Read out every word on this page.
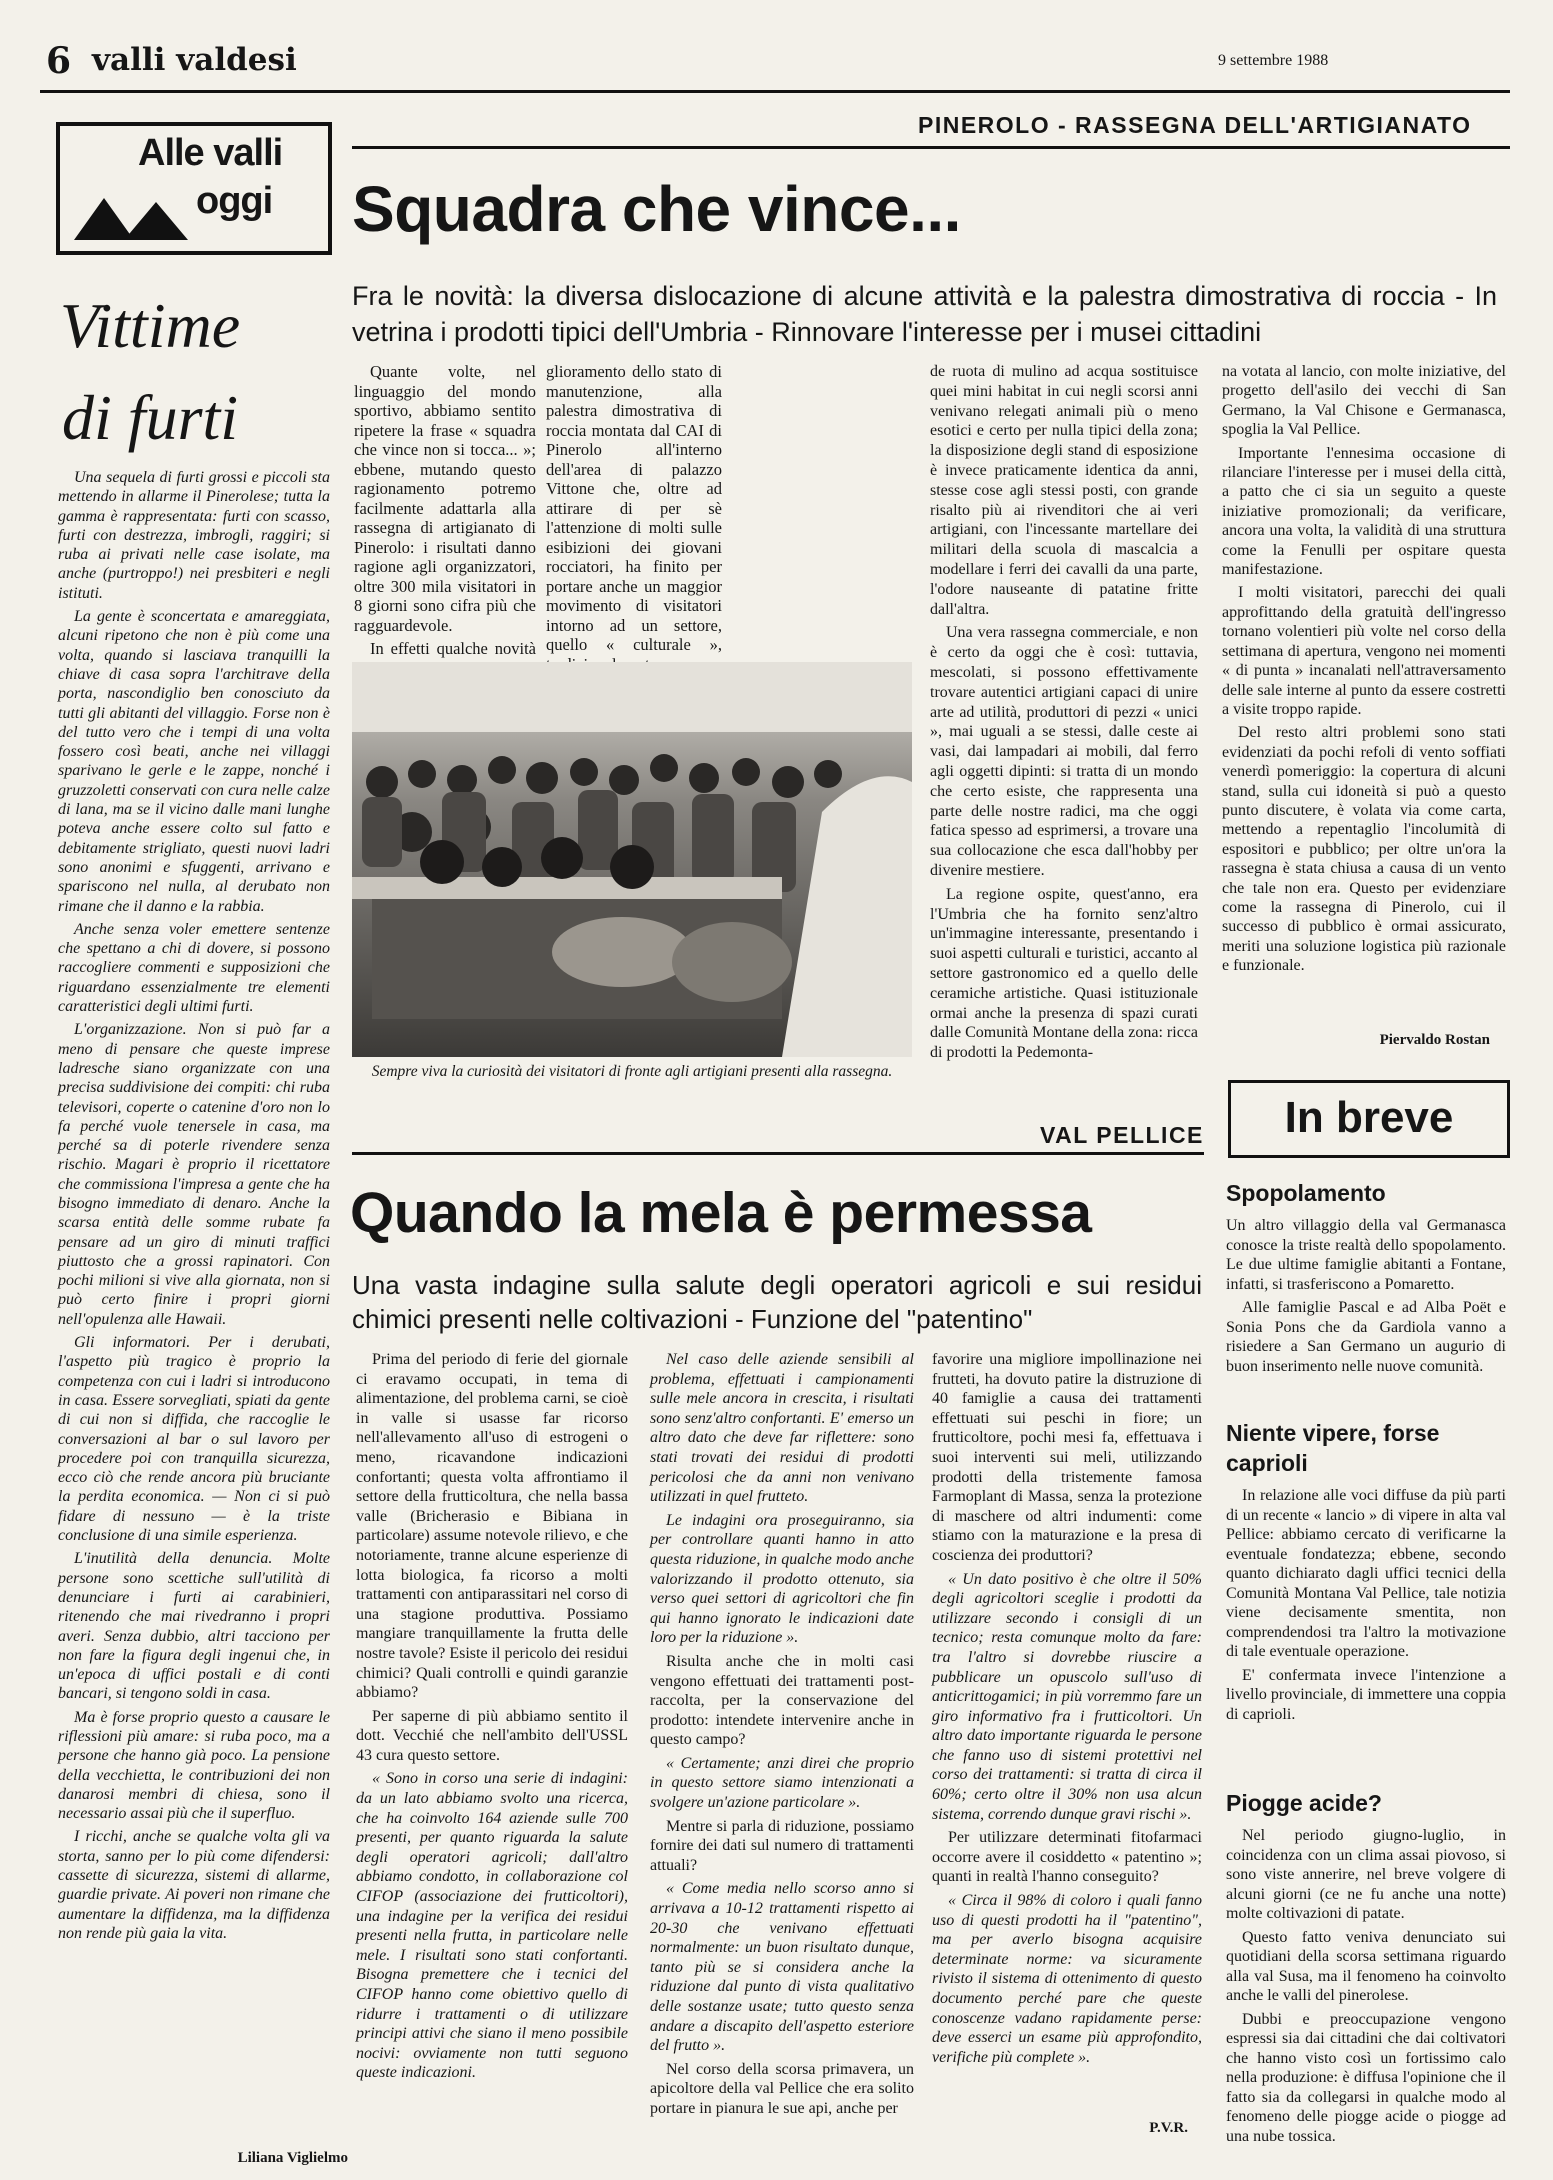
6 valli valdesi	9 settembre 1988
Alle valli
oggi
Vittime
di furti

Una sequela di furti grossi e piccoli sta mettendo in allarme il Pinerolese; tutta la gamma è rappresentata: furti con scasso, furti con destrezza, imbrogli, raggiri; si ruba ai privati nelle case isolate, ma anche (purtroppo!) nei presbiteri e negli istituti.

La gente è sconcertata e amareggiata, alcuni ripetono che non è più come una volta, quando si lasciava tranquilli la chiave di casa sopra l'architrave della porta, nascondiglio ben conosciuto da tutti gli abitanti del villaggio. Forse non è del tutto vero che i tempi di una volta fossero così beati, anche nei villaggi sparivano le gerle e le zappe, nonché i gruzzoletti conservati con cura nelle calze di lana, ma se il vicino dalle mani lunghe poteva anche essere colto sul fatto e debitamente strigliato, questi nuovi ladri sono anonimi e sfuggenti, arrivano e spariscono nel nulla, al derubato non rimane che il danno e la rabbia.

Anche senza voler emettere sentenze che spettano a chi di dovere, si possono raccogliere commenti e supposizioni che riguardano essenzialmente tre elementi caratteristici degli ultimi furti.

L'organizzazione. Non si può far a meno di pensare che queste imprese ladresche siano organizzate con una precisa suddivisione dei compiti: chi ruba televisori, coperte o catenine d'oro non lo fa perché vuole tenersele in casa, ma perché sa di poterle rivendere senza rischio. Magari è proprio il ricettatore che commissiona l'impresa a gente che ha bisogno immediato di denaro. Anche la scarsa entità delle somme rubate fa pensare ad un giro di minuti traffici piuttosto che a grossi rapinatori. Con pochi milioni si vive alla giornata, non si può certo finire i propri giorni nell'opulenza alle Hawaii.

Gli informatori. Per i derubati, l'aspetto più tragico è proprio la competenza con cui i ladri si introducono in casa. Essere sorvegliati, spiati da gente di cui non si diffida, che raccoglie le conversazioni al bar o sul lavoro per procedere poi con tranquilla sicurezza, ecco ciò che rende ancora più bruciante la perdita economica. — Non ci si può fidare di nessuno — è la triste conclusione di una simile esperienza.

L'inutilità della denuncia. Molte persone sono scettiche sull'utilità di denunciare i furti ai carabinieri, ritenendo che mai rivedranno i propri averi. Senza dubbio, altri tacciono per non fare la figura degli ingenui che, in un'epoca di uffici postali e di conti bancari, si tengono soldi in casa.

Ma è forse proprio questo a causare le riflessioni più amare: si ruba poco, ma a persone che hanno già poco. La pensione della vecchietta, le contribuzioni dei non danarosi membri di chiesa, sono il necessario assai più che il superfluo.

I ricchi, anche se qualche volta gli va storta, sanno per lo più come difendersi: cassette di sicurezza, sistemi di allarme, guardie private. Ai poveri non rimane che aumentare la diffidenza, ma la diffidenza non rende più gaia la vita.

Liliana Viglielmo
PINEROLO - RASSEGNA DELL'ARTIGIANATO
Squadra che vince...
Fra le novità: la diversa dislocazione di alcune attività e la palestra dimostrativa di roccia - In vetrina i prodotti tipici dell'Umbria - Rinnovare l'interesse per i musei cittadini

Quante volte, nel linguaggio del mondo sportivo, abbiamo sentito ripetere la frase « squadra che vince non si tocca... »; ebbene, mutando questo ragionamento potremo facilmente adattarla alla rassegna di artigianato di Pinerolo: i risultati danno ragione agli organizzatori, oltre 300 mila visitatori in 8 giorni sono cifra più che ragguardevole.

In effetti qualche novità

glioramento dello stato di manutenzione, alla palestra dimostrativa di roccia montata dal CAI di Pinerolo all'interno dell'area di palazzo Vittone che, oltre ad attirare di per sè l'attenzione di molti sulle esibizioni dei giovani rocciatori, ha finito per portare anche un maggior movimento di visitatori intorno ad un settore, quello « culturale »,

de ruota di mulino ad acqua sostituisce quei mini habitat in cui negli scorsi anni venivano relegati animali più o meno esotici e certo per nulla tipici della zona; la disposizione degli stand di esposizione è invece praticamente identica da anni, stesse cose agli stessi posti, con grande risalto più ai rivenditori che ai veri artigiani, con l'incessante martellare dei militari della scuola di mascalcia a modellare i ferri dei cavalli da una parte, l'odore nauseante di patatine fritte dall'altra.

Una vera rassegna commerciale, e non è certo da oggi che è così: tuttavia, mescolati, si possono effettivamente trovare autentici artigiani capaci di unire arte ad utilità, produttori di pezzi « unici », mai uguali a se stessi, dalle ceste ai vasi, dai lampadari ai mobili, dal ferro agli oggetti dipinti: si tratta di un mondo che certo esiste, che rappresenta una parte delle nostre radici, ma che oggi fatica spesso ad esprimersi, a trovare una sua collocazione che esca dall'hobby per divenire mestiere.

La regione ospite, quest'anno, era l'Umbria che ha fornito senz'altro un'immagine interessante, presentando i suoi aspetti culturali e turistici, accanto al settore gastronomico ed a quello delle ceramiche artistiche. Quasi istituzionale ormai anche la presenza di spazi curati dalle Comunità Montane della zona: ricca di prodotti la Pedemonta-

na votata al lancio, con molte iniziative, del progetto dell'asilo dei vecchi di San Germano, la Val Chisone e Germanasca, spoglia la Val Pellice.

Importante l'ennesima occasione di rilanciare l'interesse per i musei della città, a patto che ci sia un seguito a queste iniziative promozionali; da verificare, ancora una volta, la validità di una struttura come la Fenulli per ospitare questa manifestazione.

I molti visitatori, parecchi dei quali approfittando della gratuità dell'ingresso tornano volentieri più volte nel corso della settimana di apertura, vengono nei momenti « di punta » incanalati nell'attraversamento delle sale interne al punto da essere costretti a visite troppo rapide.

Del resto altri problemi sono stati evidenziati da pochi refoli di vento soffiati venerdì pomeriggio: la copertura di alcuni stand, sulla cui idoneità si può a questo punto discutere, è volata via come carta, mettendo a repentaglio l'incolumità di espositori e pubblico; per oltre un'ora la rassegna è stata chiusa a causa di un vento che tale non era. Questo per evidenziare come la rassegna di Pinerolo, cui il successo di pubblico è ormai assicurato, meriti una soluzione logistica più razionale e funzionale.

Piervaldo Rostan
Sempre viva la curiosità dei visitatori di fronte agli artigiani presenti alla rassegna.
VAL PELLICE
Quando la mela è permessa
Una vasta indagine sulla salute degli operatori agricoli e sui residui chimici presenti nelle coltivazioni - Funzione del "patentino"

Prima del periodo di ferie del giornale ci eravamo occupati, in tema di alimentazione, del problema carni, se cioè in valle si usasse far ricorso nell'allevamento all'uso di estrogeni o meno, ricavandone indicazioni confortanti; questa volta affrontiamo il settore della frutticoltura, che nella bassa valle (Bricherasio e Bibiana in particolare) assume notevole rilievo, e che notoriamente, tranne alcune esperienze di lotta biologica, fa ricorso a molti trattamenti con antiparassitari nel corso di una stagione produttiva. Possiamo mangiare tranquillamente la frutta delle nostre tavole? Esiste il pericolo dei residui chimici? Quali controlli e quindi garanzie abbiamo?

Per saperne di più abbiamo sentito il dott. Vecchié che nell'ambito dell'USSL 43 cura questo settore.

« Sono in corso una serie di indagini: da un lato abbiamo svolto una ricerca, che ha coinvolto 164 aziende sulle 700 presenti, per quanto riguarda la salute degli operatori agricoli; dall'altro abbiamo condotto, in collaborazione col CIFOP (associazione dei frutticoltori), una indagine per la verifica dei residui presenti nella frutta, in particolare nelle mele. I risultati sono stati confortanti. Bisogna premettere che i tecnici del CIFOP hanno come obiettivo quello di ridurre i trattamenti o di utilizzare principi attivi che siano il meno possibile nocivi: ovviamente non tutti seguono queste indicazioni.

Nel caso delle aziende sensibili al problema, effettuati i campionamenti sulle mele ancora in crescita, i risultati sono senz'altro confortanti. E' emerso un altro dato che deve far riflettere: sono stati trovati dei residui di prodotti pericolosi che da anni non venivano utilizzati in quel frutteto.

Le indagini ora proseguiranno, sia per controllare quanti hanno in atto questa riduzione, in qualche modo anche valorizzando il prodotto ottenuto, sia verso quei settori di agricoltori che fin qui hanno ignorato le indicazioni date loro per la riduzione ».

Risulta anche che in molti casi vengono effettuati dei trattamenti post-raccolta, per la conservazione del prodotto: intendete intervenire anche in questo campo?

« Certamente; anzi direi che proprio in questo settore siamo intenzionati a svolgere un'azione particolare ».

Mentre si parla di riduzione, possiamo fornire dei dati sul numero di trattamenti attuali?

« Come media nello scorso anno si arrivava a 10-12 trattamenti rispetto ai 20-30 che venivano effettuati normalmente: un buon risultato dunque, tanto più se si considera anche la riduzione dal punto di vista qualitativo delle sostanze usate; tutto questo senza andare a discapito dell'aspetto esteriore del frutto ».

Nel corso della scorsa primavera, un apicoltore della val Pellice che era solito portare in pianura le sue api, anche per

favorire una migliore impollinazione nei frutteti, ha dovuto patire la distruzione di 40 famiglie a causa dei trattamenti effettuati sui peschi in fiore; un frutticoltore, pochi mesi fa, effettuava i suoi interventi sui meli, utilizzando prodotti della tristemente famosa Farmoplant di Massa, senza la protezione di maschere od altri indumenti: come stiamo con la maturazione e la presa di coscienza dei produttori?

« Un dato positivo è che oltre il 50% degli agricoltori sceglie i prodotti da utilizzare secondo i consigli di un tecnico; resta comunque molto da fare: tra l'altro si dovrebbe riuscire a pubblicare un opuscolo sull'uso di anticrittogamici; in più vorremmo fare un giro informativo fra i frutticoltori. Un altro dato importante riguarda le persone che fanno uso di sistemi protettivi nel corso dei trattamenti: si tratta di circa il 60%; certo oltre il 30% non usa alcun sistema, correndo dunque gravi rischi ».

Per utilizzare determinati fitofarmaci occorre avere il cosiddetto « patentino »; quanti in realtà l'hanno conseguito?

« Circa il 98% di coloro i quali fanno uso di questi prodotti ha il "patentino", ma per averlo bisogna acquisire determinate norme: va sicuramente rivisto il sistema di ottenimento di questo documento perché pare che queste conoscenze vadano rapidamente perse: deve esserci un esame più approfondito, verifiche più complete ».

P.V.R.
In breve
Spopolamento

Un altro villaggio della val Germanasca conosce la triste realtà dello spopolamento. Le due ultime famiglie abitanti a Fontane, infatti, si trasferiscono a Pomaretto.

Alle famiglie Pascal e ad Alba Poët e Sonia Pons che da Gardiola vanno a risiedere a San Germano un augurio di buon inserimento nelle nuove comunità.

Niente vipere, forse caprioli

In relazione alle voci diffuse da più parti di un recente « lancio » di vipere in alta val Pellice: abbiamo cercato di verificarne la eventuale fondatezza; ebbene, secondo quanto dichiarato dagli uffici tecnici della Comunità Montana Val Pellice, tale notizia viene decisamente smentita, non comprendendosi tra l'altro la motivazione di tale eventuale operazione.

E' confermata invece l'intenzione a livello provinciale, di immettere una coppia di caprioli.

Piogge acide?

Nel periodo giugno-luglio, in coincidenza con un clima assai piovoso, si sono viste annerire, nel breve volgere di alcuni giorni (ce ne fu anche una notte) molte coltivazioni di patate.

Questo fatto veniva denunciato sui quotidiani della scorsa settimana riguardo alla val Susa, ma il fenomeno ha coinvolto anche le valli del pinerolese.

Dubbi e preoccupazione vengono espressi sia dai cittadini che dai coltivatori che hanno visto così un fortissimo calo nella produzione: è diffusa l'opinione che il fatto sia da collegarsi in qualche modo al fenomeno delle piogge acide o piogge ad una nube tossica.
